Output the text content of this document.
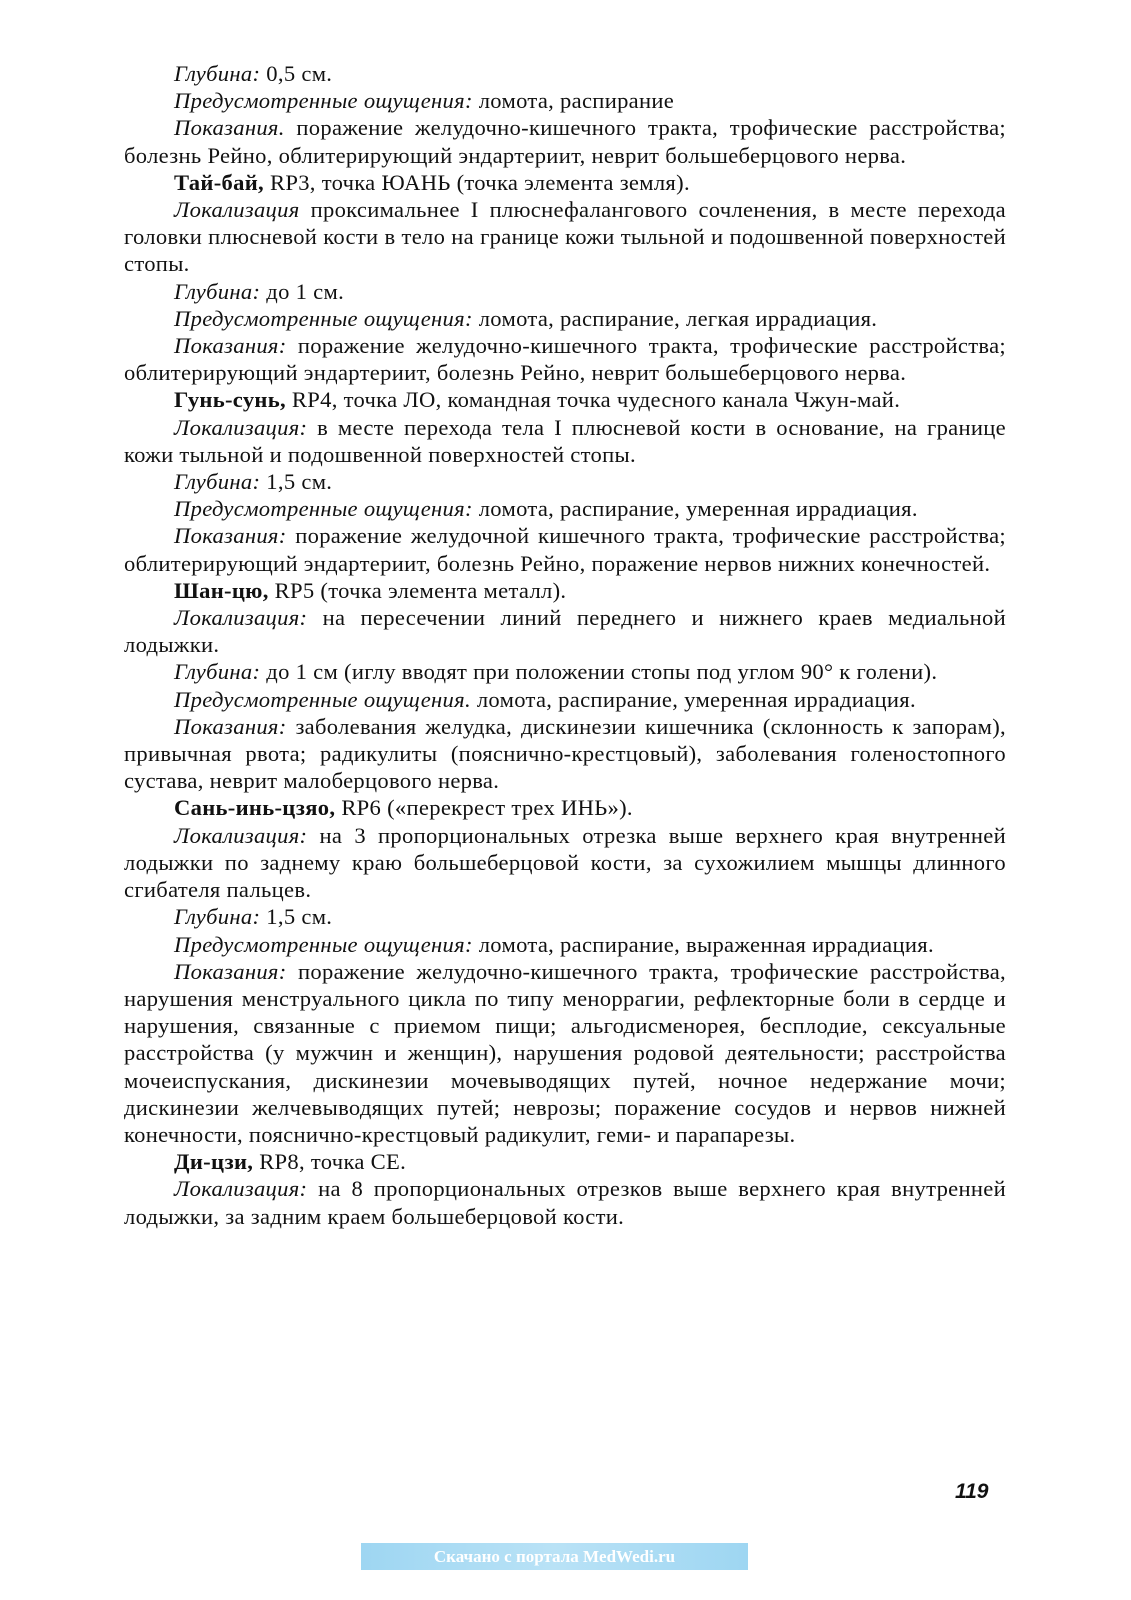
Глубина: 0,5 см.

Предусмотренные ощущения: ломота, распирание

Показания. поражение желудочно-кишечного тракта, трофические расстройства; болезнь Рейно, облитерирующий эндартериит, неврит большеберцового нерва.

Тай-бай, RP3, точка ЮАНЬ (точка элемента земля).

Локализация проксимальнее I плюснефалангового сочленения, в месте перехода головки плюсневой кости в тело на границе кожи тыльной и подошвенной поверхностей стопы.

Глубина: до 1 см.

Предусмотренные ощущения: ломота, распирание, легкая иррадиация.

Показания: поражение желудочно-кишечного тракта, трофические расстройства; облитерирующий эндартериит, болезнь Рейно, неврит большеберцового нерва.

Гунь-сунь, RP4, точка ЛО, командная точка чудесного канала Чжун-май.

Локализация: в месте перехода тела I плюсневой кости в основание, на границе кожи тыльной и подошвенной поверхностей стопы.

Глубина: 1,5 см.

Предусмотренные ощущения: ломота, распирание, умеренная иррадиация.

Показания: поражение желудочной кишечного тракта, трофические расстройства; облитерирующий эндартериит, болезнь Рейно, поражение нервов нижних конечностей.

Шан-цю, RP5 (точка элемента металл).

Локализация: на пересечении линий переднего и нижнего краев медиальной лодыжки.

Глубина: до 1 см (иглу вводят при положении стопы под углом 90° к голени).

Предусмотренные ощущения. ломота, распирание, умеренная иррадиация.

Показания: заболевания желудка, дискинезии кишечника (склонность к запорам), привычная рвота; радикулиты (пояснично-крестцовый), заболевания голеностопного сустава, неврит малоберцового нерва.

Сань-инь-цзяо, RP6 («перекрест трех ИНЬ»).

Локализация: на 3 пропорциональных отрезка выше верхнего края внутренней лодыжки по заднему краю большеберцовой кости, за сухожилием мышцы длинного сгибателя пальцев.

Глубина: 1,5 см.

Предусмотренные ощущения: ломота, распирание, выраженная иррадиация.

Показания: поражение желудочно-кишечного тракта, трофические расстройства, нарушения менструального цикла по типу меноррагии, рефлекторные боли в сердце и нарушения, связанные с приемом пищи; альгодисменорея, бесплодие, сексуальные расстройства (у мужчин и женщин), нарушения родовой деятельности; расстройства мочеиспускания, дискинезии мочевыводящих путей, ночное недержание мочи; дискинезии желчевыводящих путей; неврозы; поражение сосудов и нервов нижней конечности, пояснично-крестцовый радикулит, геми- и парапарезы.

Ди-цзи, RP8, точка СЕ.

Локализация: на 8 пропорциональных отрезков выше верхнего края внутренней лодыжки, за задним краем большеберцовой кости.

119
Скачано с портала MedWedi.ru
